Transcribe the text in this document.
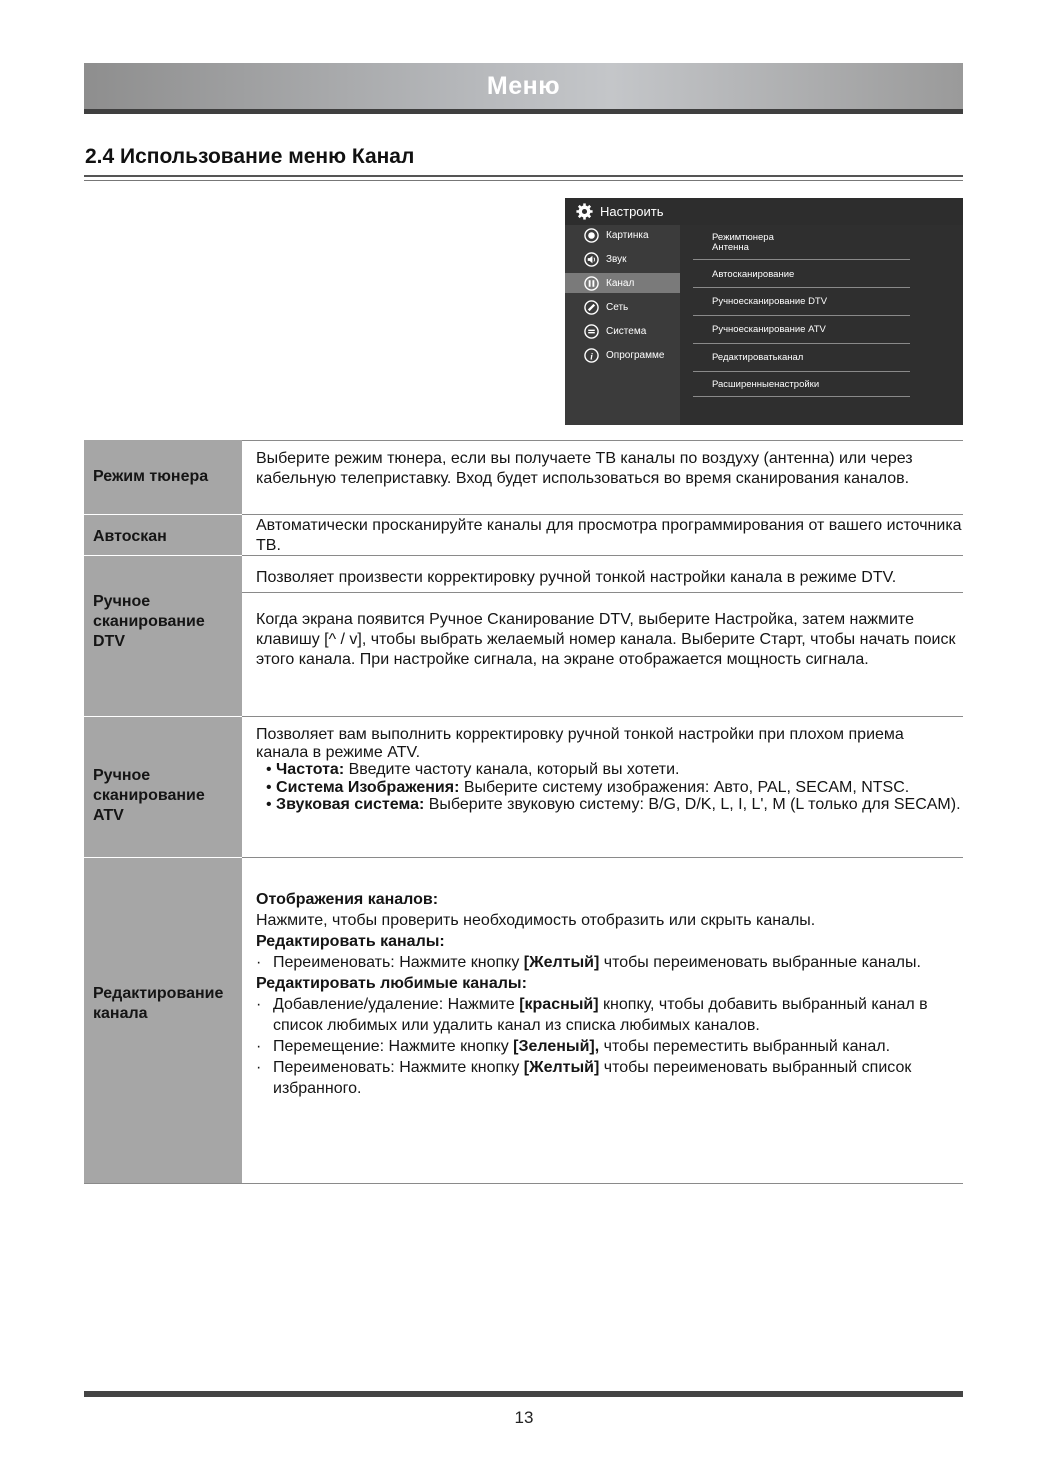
Меню
2.4 Использование меню Канал
Настроить
Картинка
Звук
Канал
Сеть
Система
i Опрограмме
Режимтюнера
Антенна
Автосканирование
Ручноесканирование DTV
Ручноесканирование ATV
Редактироватьканал
Расширенныенастройки
Режим тюнера

Выберите режим тюнера, если вы получаете ТВ каналы по воздуху (антенна) или через кабельную телеприставку. Вход будет использоваться во время сканирования каналов.

Автоскан

Автоматически просканируйте каналы для просмотра программирования от вашего источника ТВ.

Ручное
сканирование
DTV

Позволяет произвести корректировку ручной тонкой настройки канала в режиме DTV.

Когда экрана появится Ручное Сканирование DTV, выберите Настройка, затем нажмите клавишу [^ / v], чтобы выбрать желаемый номер канала. Выберите Старт, чтобы начать поиск этого канала. При настройке сигнала, на экране отображается мощность сигнала.

Ручное
сканирование
ATV

Позволяет вам выполнить корректировку ручной тонкой настройки при плохом приема канала в режиме ATV.

• Частота: Введите частоту канала, который вы хотети.

• Система Изображения: Выберите систему изображения: Авто, PAL, SECAM, NTSC.

• Звуковая система: Выберите звуковую систему: B/G, D/K, L, I, L', M (L только для SECAM).

Редактирование
канала

Отображения каналов:

Нажмите, чтобы проверить необходимость отобразить или скрыть каналы.

Редактировать каналы:

· Переименовать: Нажмите кнопку [Желтый] чтобы переименовать выбранные каналы.

Редактировать любимые каналы:

· Добавление/удаление: Нажмите [красный] кнопку, чтобы добавить выбранный канал в список любимых или удалить канал из списка любимых каналов.

· Перемещение: Нажмите кнопку [Зеленый], чтобы переместить выбранный канал.

· Переименовать: Нажмите кнопку [Желтый] чтобы переименовать выбранный список избранного.

13
